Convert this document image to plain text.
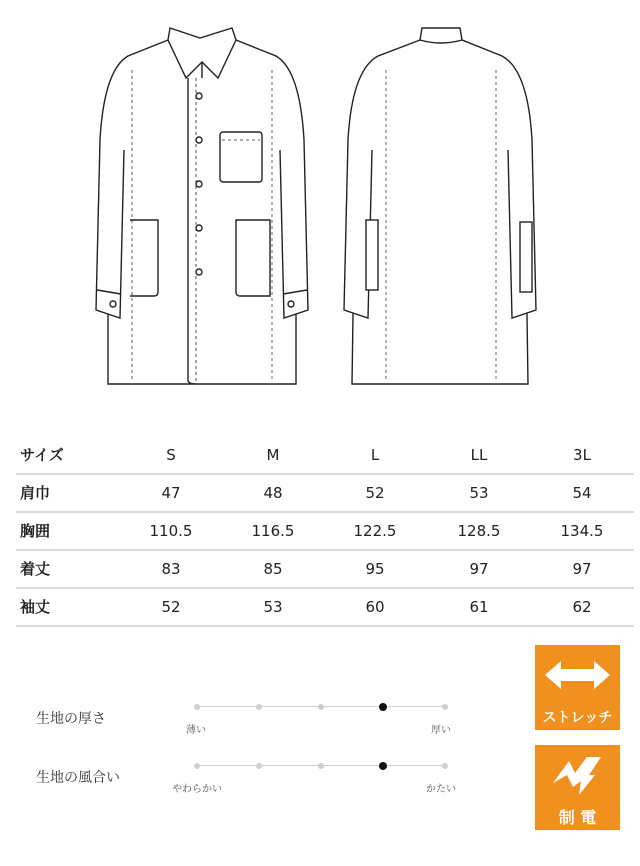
サイズ	S	M	L	LL	3L
肩巾	47	48	52	53	54
胸囲	110.5	116.5	122.5	128.5	134.5
着丈	83	85	95	97	97
袖丈	52	53	60	61	62
生地の厚さ
薄い	厚い
生地の風合い
やわらかい	かたい
ストレッチ
制 電
